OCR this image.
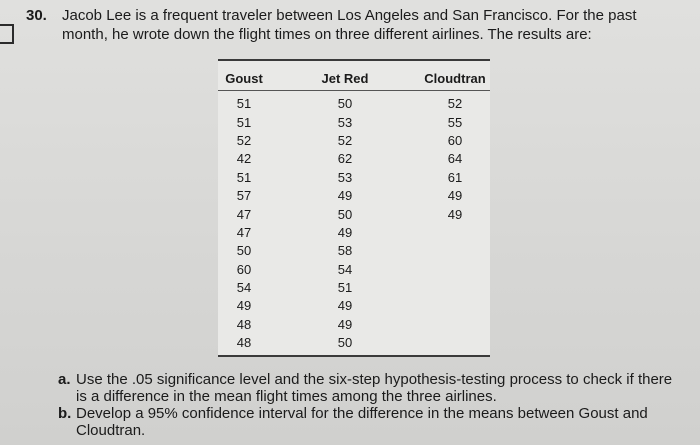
30. Jacob Lee is a frequent traveler between Los Angeles and San Francisco. For the past
month, he wrote down the flight times on three different airlines. The results are:
Goust	Jet Red	Cloudtran
51	50	52
51	53	55
52	52	60
42	62	64
51	53	61
57	49	49
47	50	49
47	49	
50	58	
60	54	
54	51	
49	49	
48	49	
48	50	
a. Use the .05 significance level and the six-step hypothesis-testing process to check if there is a difference in the mean flight times among the three airlines.
b. Develop a 95% confidence interval for the difference in the means between Goust and Cloudtran.
